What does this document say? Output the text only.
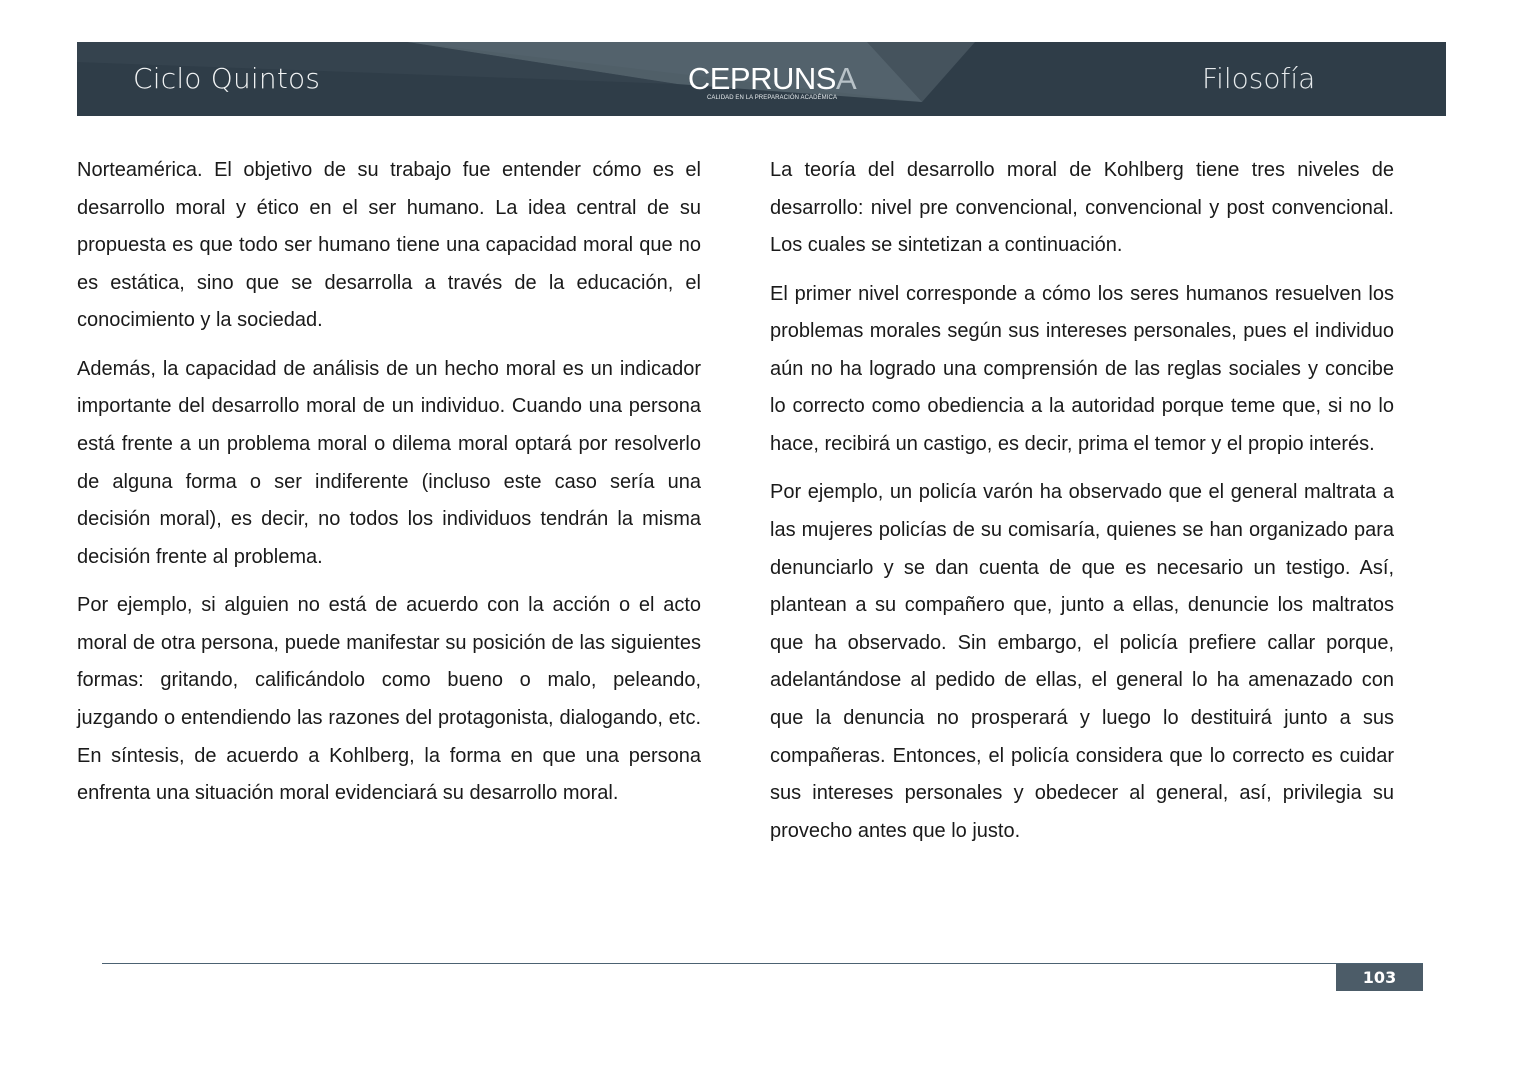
Ciclo Quintos	CEPRUNSA
CALIDAD EN LA PREPARACIÓN ACADÉMICA
Filosofía

Norteamérica. El objetivo de su trabajo fue entender cómo es el desarrollo moral y ético en el ser humano. La idea central de su propuesta es que todo ser humano tiene una capacidad moral que no es estática, sino que se desarrolla a través de la educación, el conocimiento y la sociedad.

Además, la capacidad de análisis de un hecho moral es un indicador importante del desarrollo moral de un individuo. Cuando una persona está frente a un problema moral o dilema moral optará por resolverlo de alguna forma o ser indiferente (incluso este caso sería una decisión moral), es decir, no todos los individuos tendrán la misma decisión frente al problema.

Por ejemplo, si alguien no está de acuerdo con la acción o el acto moral de otra persona, puede manifestar su posición de las siguientes formas: gritando, calificándolo como bueno o malo, peleando, juzgando o entendiendo las razones del protagonista, dialogando, etc. En síntesis, de acuerdo a Kohlberg, la forma en que una persona enfrenta una situación moral evidenciará su desarrollo moral.

La teoría del desarrollo moral de Kohlberg tiene tres niveles de desarrollo: nivel pre convencional, convencional y post convencional. Los cuales se sintetizan a continuación.

El primer nivel corresponde a cómo los seres humanos resuelven los problemas morales según sus intereses personales, pues el individuo aún no ha logrado una comprensión de las reglas sociales y concibe lo correcto como obediencia a la autoridad porque teme que, si no lo hace, recibirá un castigo, es decir, prima el temor y el propio interés.

Por ejemplo, un policía varón ha observado que el general maltrata a las mujeres policías de su comisaría, quienes se han organizado para denunciarlo y se dan cuenta de que es necesario un testigo. Así, plantean a su compañero que, junto a ellas, denuncie los maltratos que ha observado. Sin embargo, el policía prefiere callar porque, adelantándose al pedido de ellas, el general lo ha amenazado con que la denuncia no prosperará y luego lo destituirá junto a sus compañeras. Entonces, el policía considera que lo correcto es cuidar sus intereses personales y obedecer al general, así, privilegia su provecho antes que lo justo.

103
